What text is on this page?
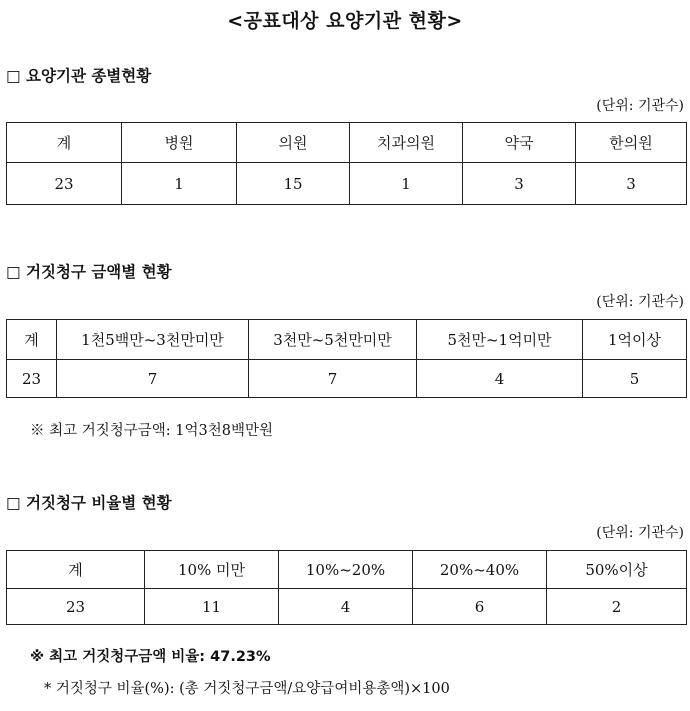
<공표대상 요양기관 현황>
□ 요양기관 종별현황
(단위: 기관수)
계	병원	의원	치과의원	약국	한의원
23	1	15	1	3	3
□ 거짓청구 금액별 현황
(단위: 기관수)
계	1천5백만~3천만미만	3천만~5천만미만	5천만~1억미만	1억이상
23	7	7	4	5
※ 최고 거짓청구금액: 1억3천8백만원
□ 거짓청구 비율별 현황
(단위: 기관수)
계	10% 미만	10%~20%	20%~40%	50%이상
23	11	4	6	2
※ 최고 거짓청구금액 비율: 47.23%
* 거짓청구 비율(%): (총 거짓청구금액/요양급여비용총액)×100
